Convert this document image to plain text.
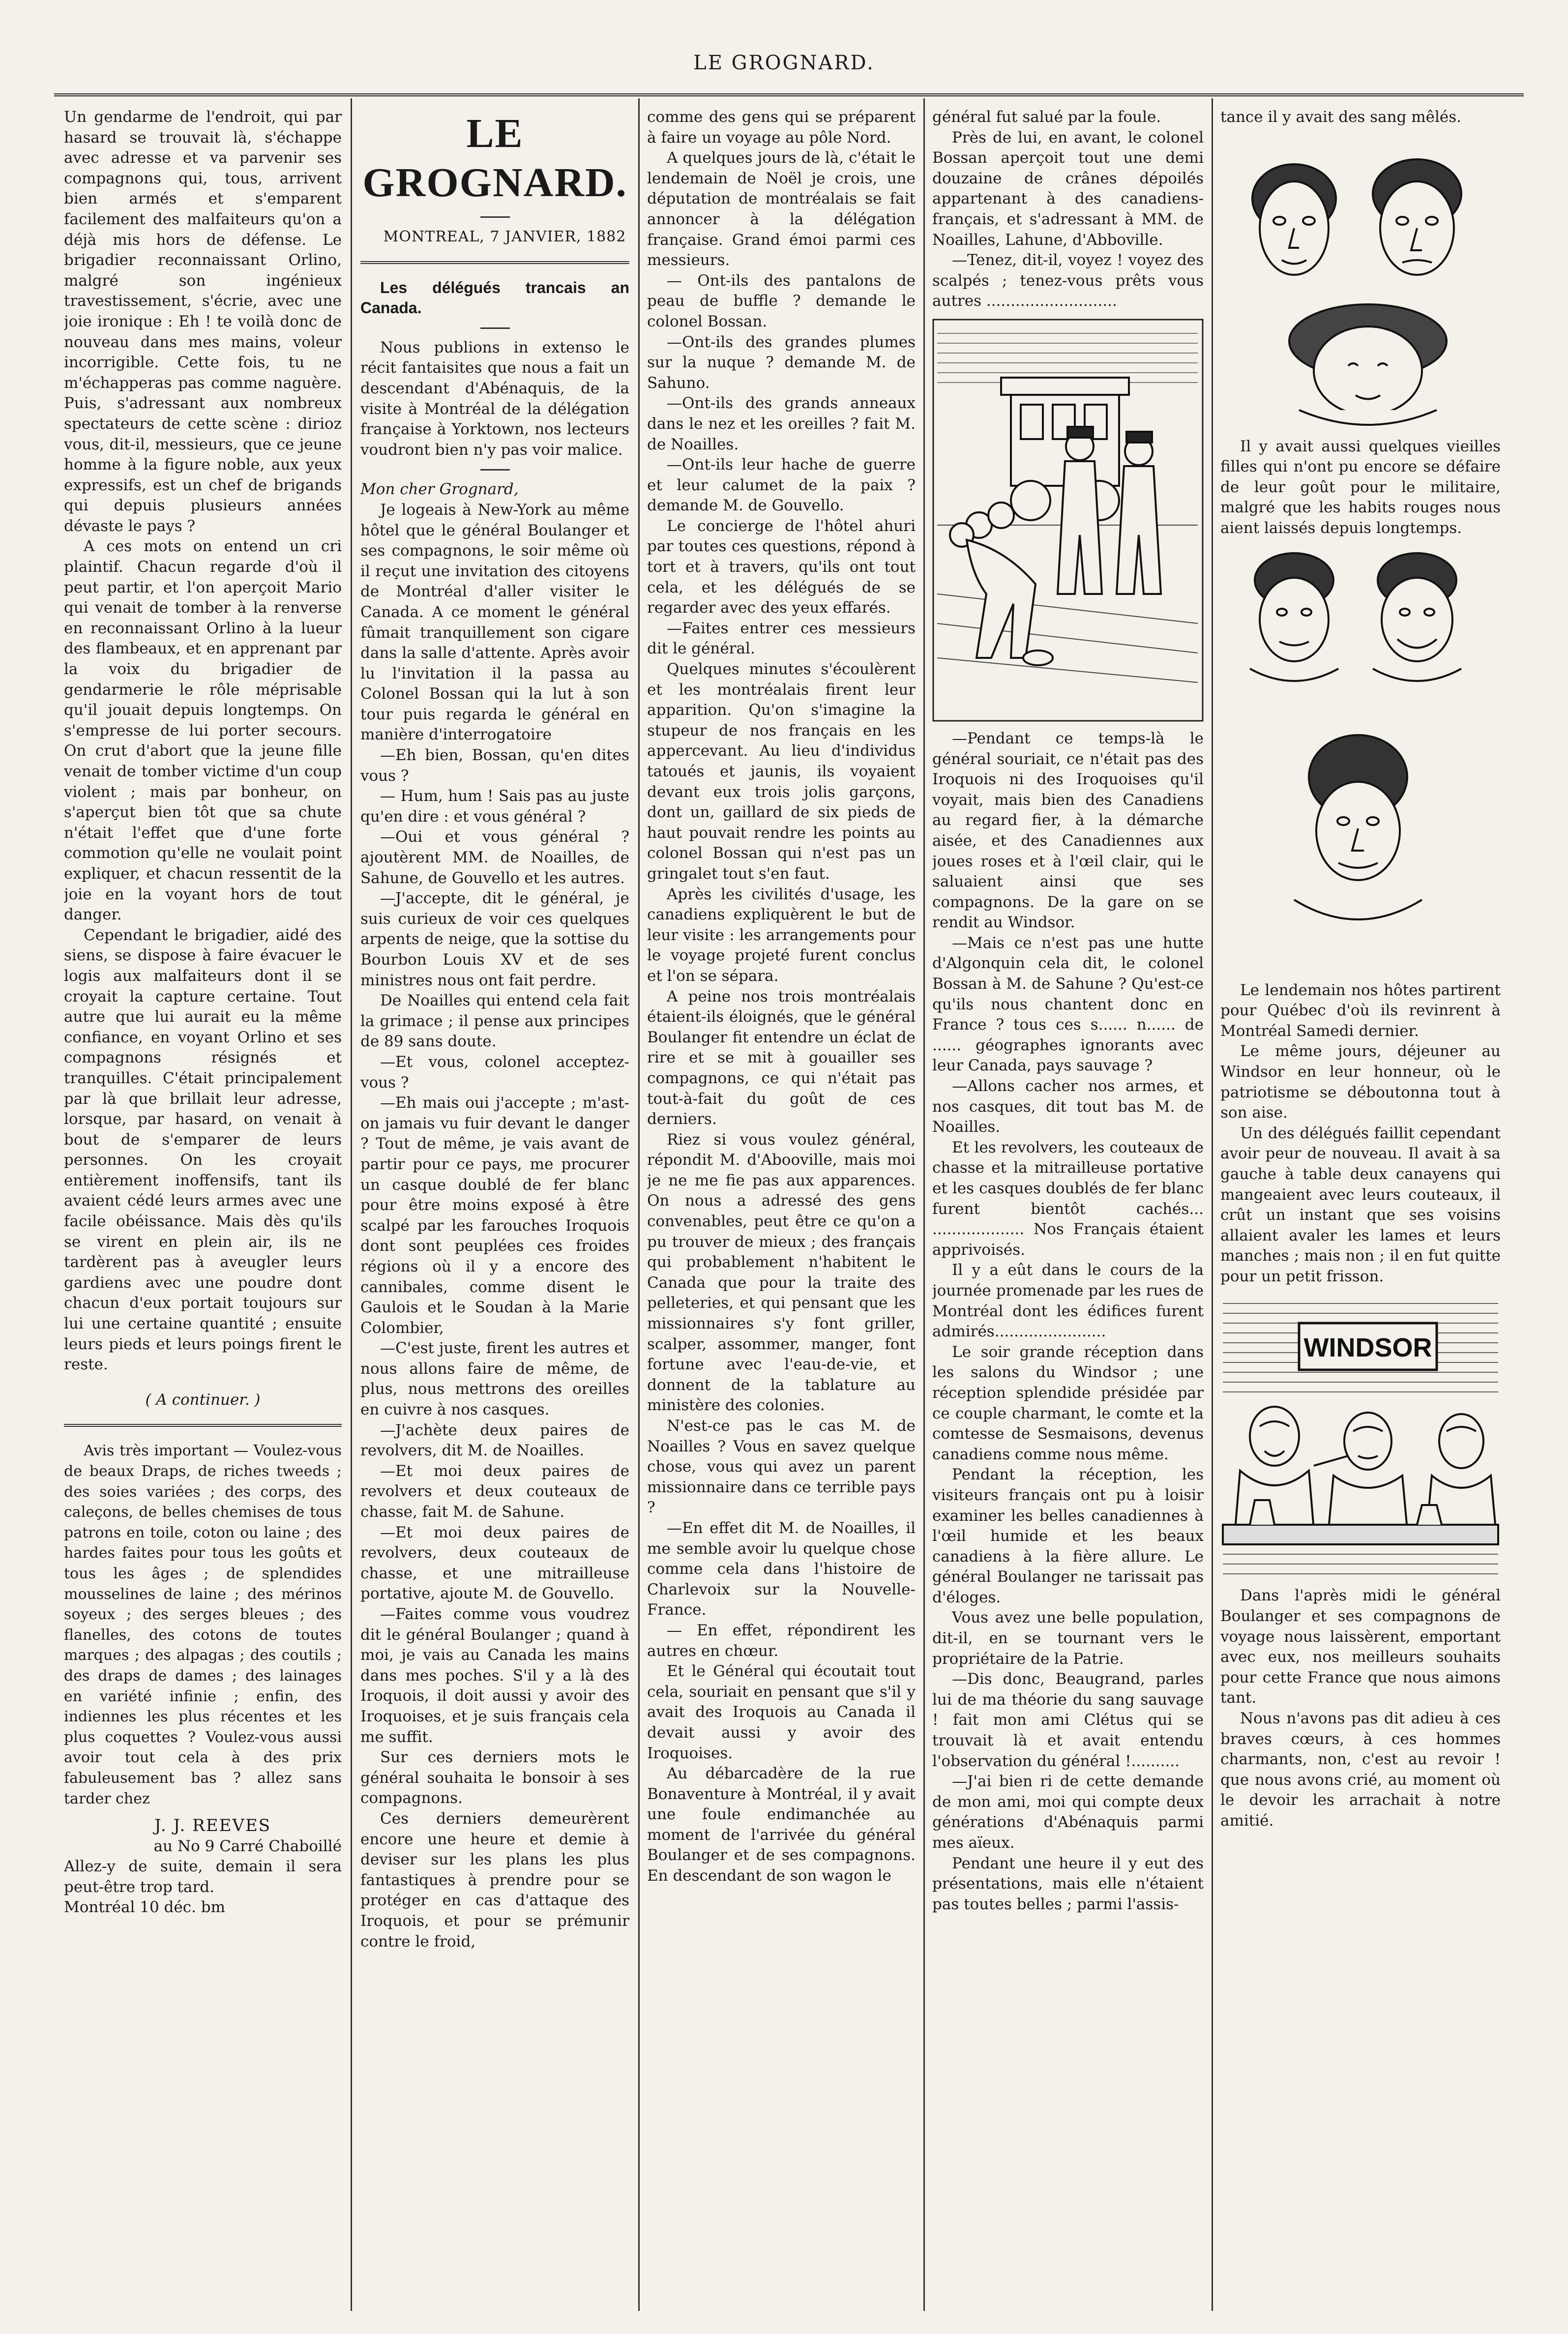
LE GROGNARD.

Un gendarme de l'endroit, qui par hasard se trouvait là, s'échappe avec adresse et va parvenir ses compagnons qui, tous, arrivent bien armés et s'emparent facilement des malfaiteurs qu'on a déjà mis hors de défense. Le brigadier reconnaissant Orlino, malgré son ingénieux travestissement, s'écrie, avec une joie ironique : Eh ! te voilà donc de nouveau dans mes mains, voleur incorrigible. Cette fois, tu ne m'échapperas pas comme naguère. Puis, s'adressant aux nombreux spectateurs de cette scène : dirioz vous, dit-il, messieurs, que ce jeune homme à la figure noble, aux yeux expressifs, est un chef de brigands qui depuis plusieurs années dévaste le pays ?

A ces mots on entend un cri plaintif. Chacun regarde d'où il peut partir, et l'on aperçoit Mario qui venait de tomber à la renverse en reconnaissant Orlino à la lueur des flambeaux, et en apprenant par la voix du brigadier de gendarmerie le rôle méprisable qu'il jouait depuis longtemps. On s'empresse de lui porter secours. On crut d'abort que la jeune fille venait de tomber victime d'un coup violent ; mais par bonheur, on s'aperçut bien tôt que sa chute n'était l'effet que d'une forte commotion qu'elle ne voulait point expliquer, et chacun ressentit de la joie en la voyant hors de tout danger.

Cependant le brigadier, aidé des siens, se dispose à faire évacuer le logis aux malfaiteurs dont il se croyait la capture certaine. Tout autre que lui aurait eu la même confiance, en voyant Orlino et ses compagnons résignés et tranquilles. C'était principalement par là que brillait leur adresse, lorsque, par hasard, on venait à bout de s'emparer de leurs personnes. On les croyait entièrement inoffensifs, tant ils avaient cédé leurs armes avec une facile obéissance. Mais dès qu'ils se virent en plein air, ils ne tardèrent pas à aveugler leurs gardiens avec une poudre dont chacun d'eux portait toujours sur lui une certaine quantité ; ensuite leurs pieds et leurs poings firent le reste.

( A continuer. )

Avis très important — Voulez-vous de beaux Draps, de riches tweeds ; des soies variées ; des corps, des caleçons, de belles chemises de tous patrons en toile, coton ou laine ; des hardes faites pour tous les goûts et tous les âges ; de splendides mousselines de laine ; des mérinos soyeux ; des serges bleues ; des flanelles, des cotons de toutes marques ; des alpagas ; des coutils ; des draps de dames ; des lainages en variété infinie ; enfin, des indiennes les plus récentes et les plus coquettes ? Voulez-vous aussi avoir tout cela à des prix fabuleusement bas ? allez sans tarder chez

J. J. REEVES

au No 9 Carré Chaboillé

Allez-y de suite, demain il sera peut-être trop tard.

Montréal 10 déc. bm

LE GROGNARD.

MONTREAL, 7 JANVIER, 1882

Les délégués trancais an Canada.

Nous publions in extenso le récit fantaisites que nous a fait un descendant d'Abénaquis, de la visite à Montréal de la délégation française à Yorktown, nos lecteurs voudront bien n'y pas voir malice.

Mon cher Grognard,

Je logeais à New-York au même hôtel que le général Boulanger et ses compagnons, le soir même où il reçut une invitation des citoyens de Montréal d'aller visiter le Canada. A ce moment le général fûmait tranquillement son cigare dans la salle d'attente. Après avoir lu l'invitation il la passa au Colonel Bossan qui la lut à son tour puis regarda le général en manière d'interrogatoire

—Eh bien, Bossan, qu'en dites vous ?

— Hum, hum ! Sais pas au juste qu'en dire : et vous général ?

—Oui et vous général ? ajoutèrent MM. de Noailles, de Sahune, de Gouvello et les autres.

—J'accepte, dit le général, je suis curieux de voir ces quelques arpents de neige, que la sottise du Bourbon Louis XV et de ses ministres nous ont fait perdre.

De Noailles qui entend cela fait la grimace ; il pense aux principes de 89 sans doute.

—Et vous, colonel acceptez-vous ?

—Eh mais oui j'accepte ; m'ast-on jamais vu fuir devant le danger ? Tout de même, je vais avant de partir pour ce pays, me procurer un casque doublé de fer blanc pour être moins exposé à être scalpé par les farouches Iroquois dont sont peuplées ces froides régions où il y a encore des cannibales, comme disent le Gaulois et le Soudan à la Marie Colombier,

—C'est juste, firent les autres et nous allons faire de même, de plus, nous mettrons des oreilles en cuivre à nos casques.

—J'achète deux paires de revolvers, dit M. de Noailles.

—Et moi deux paires de revolvers et deux couteaux de chasse, fait M. de Sahune.

—Et moi deux paires de revolvers, deux couteaux de chasse, et une mitrailleuse portative, ajoute M. de Gouvello.

—Faites comme vous voudrez dit le général Boulanger ; quand à moi, je vais au Canada les mains dans mes poches. S'il y a là des Iroquois, il doit aussi y avoir des Iroquoises, et je suis français cela me suffit.

Sur ces derniers mots le général souhaita le bonsoir à ses compagnons.

Ces derniers demeurèrent encore une heure et demie à deviser sur les plans les plus fantastiques à prendre pour se protéger en cas d'attaque des Iroquois, et pour se prémunir contre le froid,

comme des gens qui se préparent à faire un voyage au pôle Nord.

A quelques jours de là, c'était le lendemain de Noël je crois, une députation de montréalais se fait annoncer à la délégation française. Grand émoi parmi ces messieurs.

— Ont-ils des pantalons de peau de buffle ? demande le colonel Bossan.

—Ont-ils des grandes plumes sur la nuque ? demande M. de Sahuno.

—Ont-ils des grands anneaux dans le nez et les oreilles ? fait M. de Noailles.

—Ont-ils leur hache de guerre et leur calumet de la paix ? demande M. de Gouvello.

Le concierge de l'hôtel ahuri par toutes ces questions, répond à tort et à travers, qu'ils ont tout cela, et les délégués de se regarder avec des yeux effarés.

—Faites entrer ces messieurs dit le général.

Quelques minutes s'écoulèrent et les montréalais firent leur apparition. Qu'on s'imagine la stupeur de nos français en les appercevant. Au lieu d'individus tatoués et jaunis, ils voyaient devant eux trois jolis garçons, dont un, gaillard de six pieds de haut pouvait rendre les points au colonel Bossan qui n'est pas un gringalet tout s'en faut.

Après les civilités d'usage, les canadiens expliquèrent le but de leur visite : les arrangements pour le voyage projeté furent conclus et l'on se sépara.

A peine nos trois montréalais étaient-ils éloignés, que le général Boulanger fit entendre un éclat de rire et se mit à gouailler ses compagnons, ce qui n'était pas tout-à-fait du goût de ces derniers.

Riez si vous voulez général, répondit M. d'Abooville, mais moi je ne me fie pas aux apparences. On nous a adressé des gens convenables, peut être ce qu'on a pu trouver de mieux ; des français qui probablement n'habitent le Canada que pour la traite des pelleteries, et qui pensant que les missionnaires s'y font griller, scalper, assommer, manger, font fortune avec l'eau-de-vie, et donnent de la tablature au ministère des colonies.

N'est-ce pas le cas M. de Noailles ? Vous en savez quelque chose, vous qui avez un parent missionnaire dans ce terrible pays ?

—En effet dit M. de Noailles, il me semble avoir lu quelque chose comme cela dans l'histoire de Charlevoix sur la Nouvelle-France.

— En effet, répondirent les autres en chœur.

Et le Général qui écoutait tout cela, souriait en pensant que s'il y avait des Iroquois au Canada il devait aussi y avoir des Iroquoises.

Au débarcadère de la rue Bonaventure à Montréal, il y avait une foule endimanchée au moment de l'arrivée du général Boulanger et de ses compagnons. En descendant de son wagon le

général fut salué par la foule.

Près de lui, en avant, le colonel Bossan aperçoit tout une demi douzaine de crânes dépoilés appartenant à des canadiens-français, et s'adressant à MM. de Noailles, Lahune, d'Abboville.

—Tenez, dit-il, voyez ! voyez des scalpés ; tenez-vous prêts vous autres ...........................

—Pendant ce temps-là le général souriait, ce n'était pas des Iroquois ni des Iroquoises qu'il voyait, mais bien des Canadiens au regard fier, à la démarche aisée, et des Canadiennes aux joues roses et à l'œil clair, qui le saluaient ainsi que ses compagnons. De la gare on se rendit au Windsor.

—Mais ce n'est pas une hutte d'Algonquin cela dit, le colonel Bossan à M. de Sahune ? Qu'est-ce qu'ils nous chantent donc en France ? tous ces s...... n...... de ...... géographes ignorants avec leur Canada, pays sauvage ?

—Allons cacher nos armes, et nos casques, dit tout bas M. de Noailles.

Et les revolvers, les couteaux de chasse et la mitrailleuse portative et les casques doublés de fer blanc furent bientôt cachés... ................... Nos Français étaient apprivoisés.

Il y a eût dans le cours de la journée promenade par les rues de Montréal dont les édifices furent admirés.......................

Le soir grande réception dans les salons du Windsor ; une réception splendide présidée par ce couple charmant, le comte et la comtesse de Sesmaisons, devenus canadiens comme nous même.

Pendant la réception, les visiteurs français ont pu à loisir examiner les belles canadiennes à l'œil humide et les beaux canadiens à la fière allure. Le général Boulanger ne tarissait pas d'éloges.

Vous avez une belle population, dit-il, en se tournant vers le propriétaire de la Patrie.

—Dis donc, Beaugrand, parles lui de ma théorie du sang sauvage ! fait mon ami Clétus qui se trouvait là et avait entendu l'observation du général !..........

—J'ai bien ri de cette demande de mon ami, moi qui compte deux générations d'Abénaquis parmi mes aïeux.

Pendant une heure il y eut des présentations, mais elle n'étaient pas toutes belles ; parmi l'assis-

tance il y avait des sang mêlés.

Il y avait aussi quelques vieilles filles qui n'ont pu encore se défaire de leur goût pour le militaire, malgré que les habits rouges nous aient laissés depuis longtemps.

Le lendemain nos hôtes partirent pour Québec d'où ils revinrent à Montréal Samedi dernier.

Le même jours, déjeuner au Windsor en leur honneur, où le patriotisme se déboutonna tout à son aise.

Un des délégués faillit cependant avoir peur de nouveau. Il avait à sa gauche à table deux canayens qui mangeaient avec leurs couteaux, il crût un instant que ses voisins allaient avaler les lames et leurs manches ; mais non ; il en fut quitte pour un petit frisson.

WINDSOR

Dans l'après midi le général Boulanger et ses compagnons de voyage nous laissèrent, emportant avec eux, nos meilleurs souhaits pour cette France que nous aimons tant.

Nous n'avons pas dit adieu à ces braves cœurs, à ces hommes charmants, non, c'est au revoir ! que nous avons crié, au moment où le devoir les arrachait à notre amitié.
